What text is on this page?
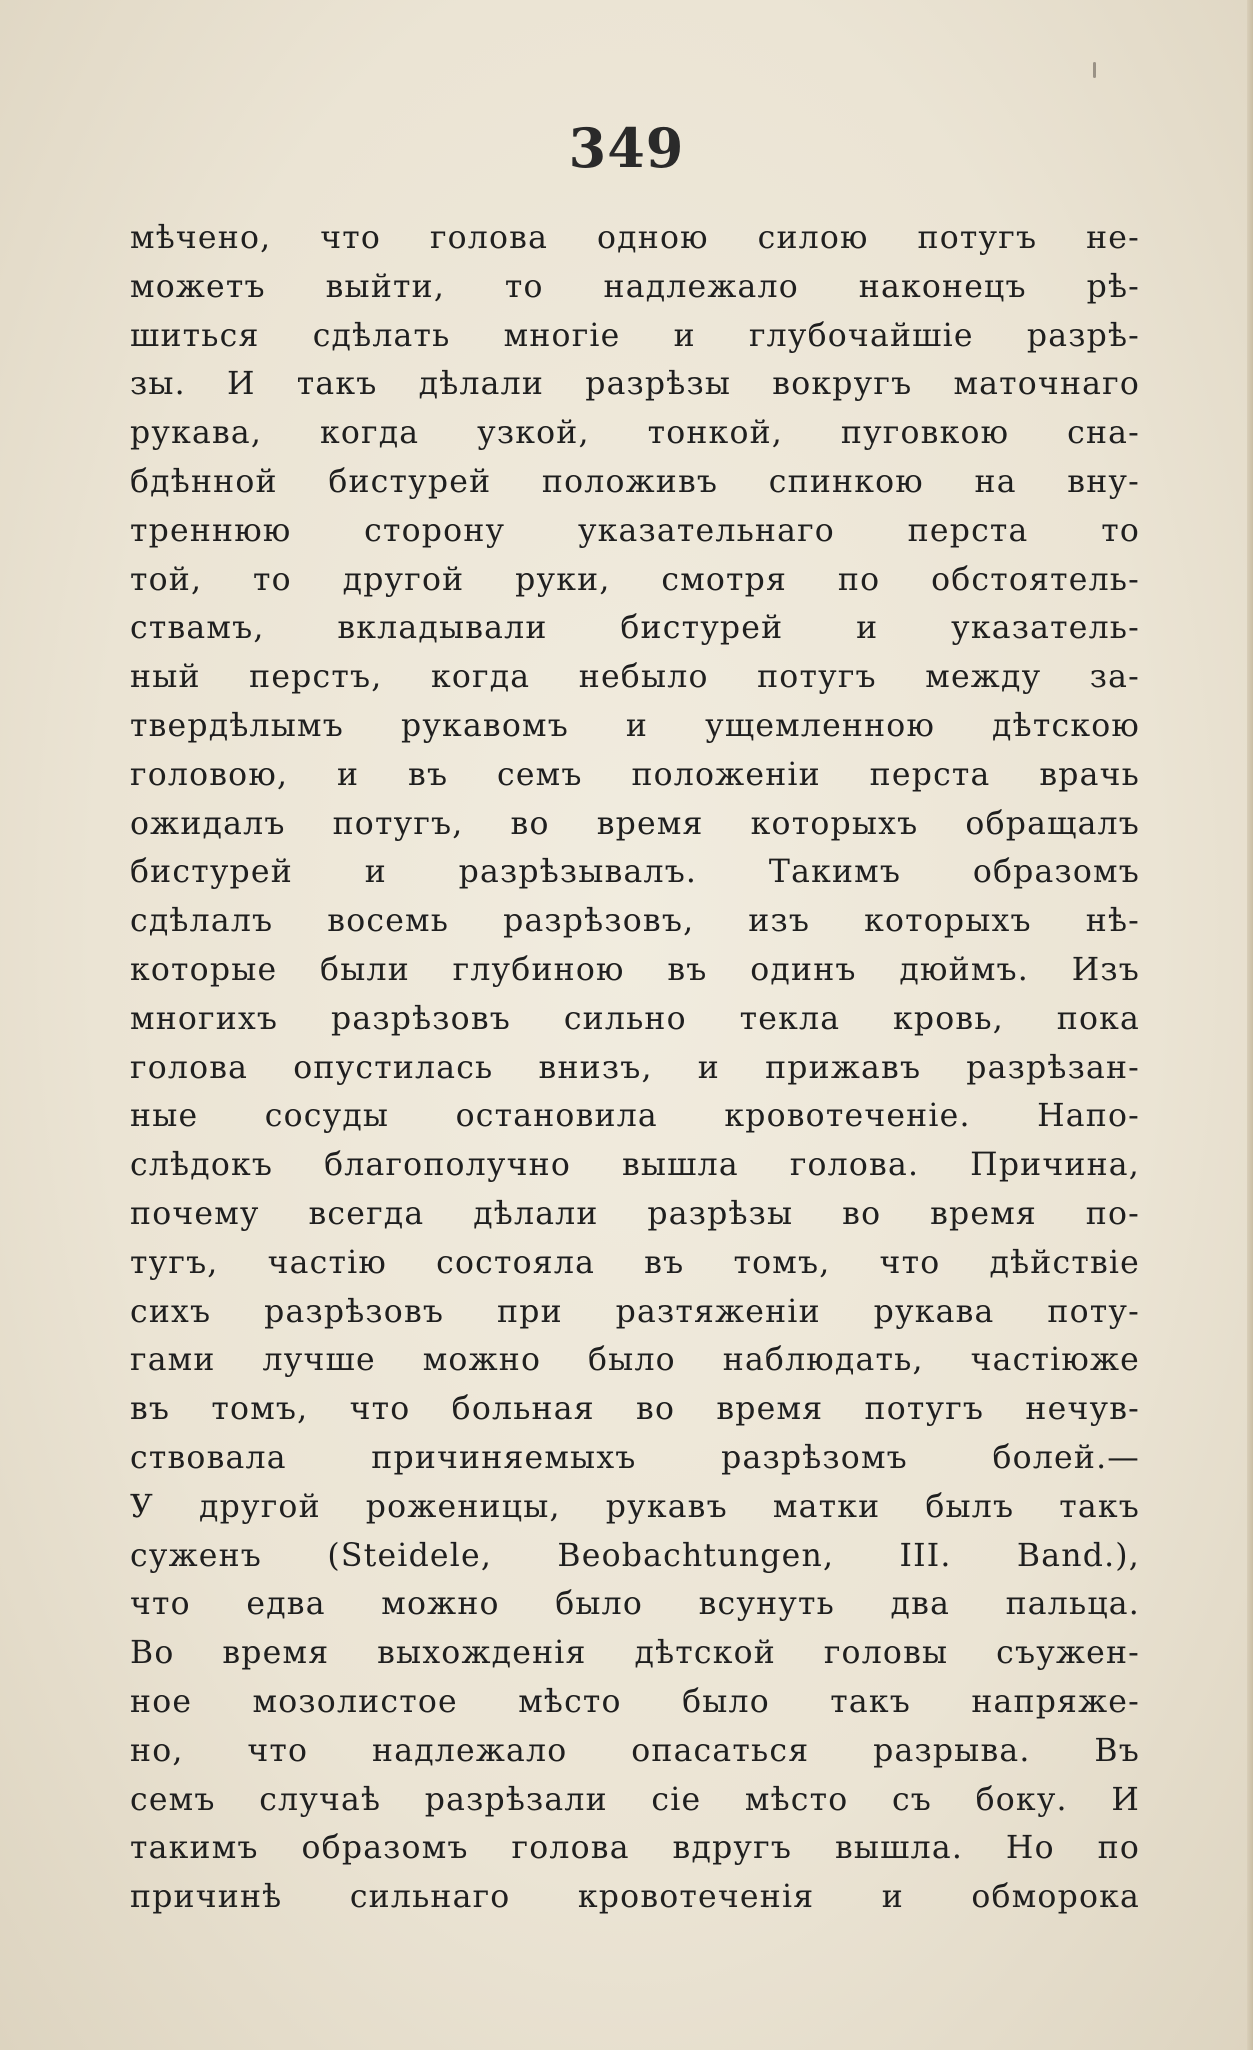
349
мѣчено, что голова одною силою потугъ не-
можетъ выйти, то надлежало наконецъ рѣ-
шиться сдѣлать многіе и глубочайшіе разрѣ-
зы. И такъ дѣлали разрѣзы вокругъ маточнаго
рукава, когда узкой, тонкой, пуговкою сна-
бдѣнной бистурей положивъ спинкою на вну-
треннюю сторону указательнаго перста то
той, то другой руки, смотря по обстоятель-
ствамъ, вкладывали бистурей и указатель-
ный перстъ, когда небыло потугъ между за-
твердѣлымъ рукавомъ и ущемленною дѣтскою
головою, и въ семъ положеніи перста врачь
ожидалъ потугъ, во время которыхъ обращалъ
бистурей и разрѣзывалъ. Такимъ образомъ
сдѣлалъ восемь разрѣзовъ, изъ которыхъ нѣ-
которые были глубиною въ одинъ дюймъ. Изъ
многихъ разрѣзовъ сильно текла кровь, пока
голова опустилась внизъ, и прижавъ разрѣзан-
ные сосуды остановила кровотеченіе. Напо-
слѣдокъ благополучно вышла голова. Причина,
почему всегда дѣлали разрѣзы во время по-
тугъ, частію состояла въ томъ, что дѣйствіе
сихъ разрѣзовъ при разтяженіи рукава поту-
гами лучше можно было наблюдать, частіюже
въ томъ, что больная во время потугъ нечув-
ствовала причиняемыхъ разрѣзомъ болей.—
У другой роженицы, рукавъ матки былъ такъ
суженъ (Steidele, Beobachtungen, III. Band.),
что едва можно было всунуть два пальца.
Во время выхожденія дѣтской головы съужен-
ное мозолистое мѣсто было такъ напряже-
но, что надлежало опасаться разрыва. Въ
семъ случаѣ разрѣзали сіе мѣсто съ боку. И
такимъ образомъ голова вдругъ вышла. Но по
причинѣ сильнаго кровотеченія и обморока
